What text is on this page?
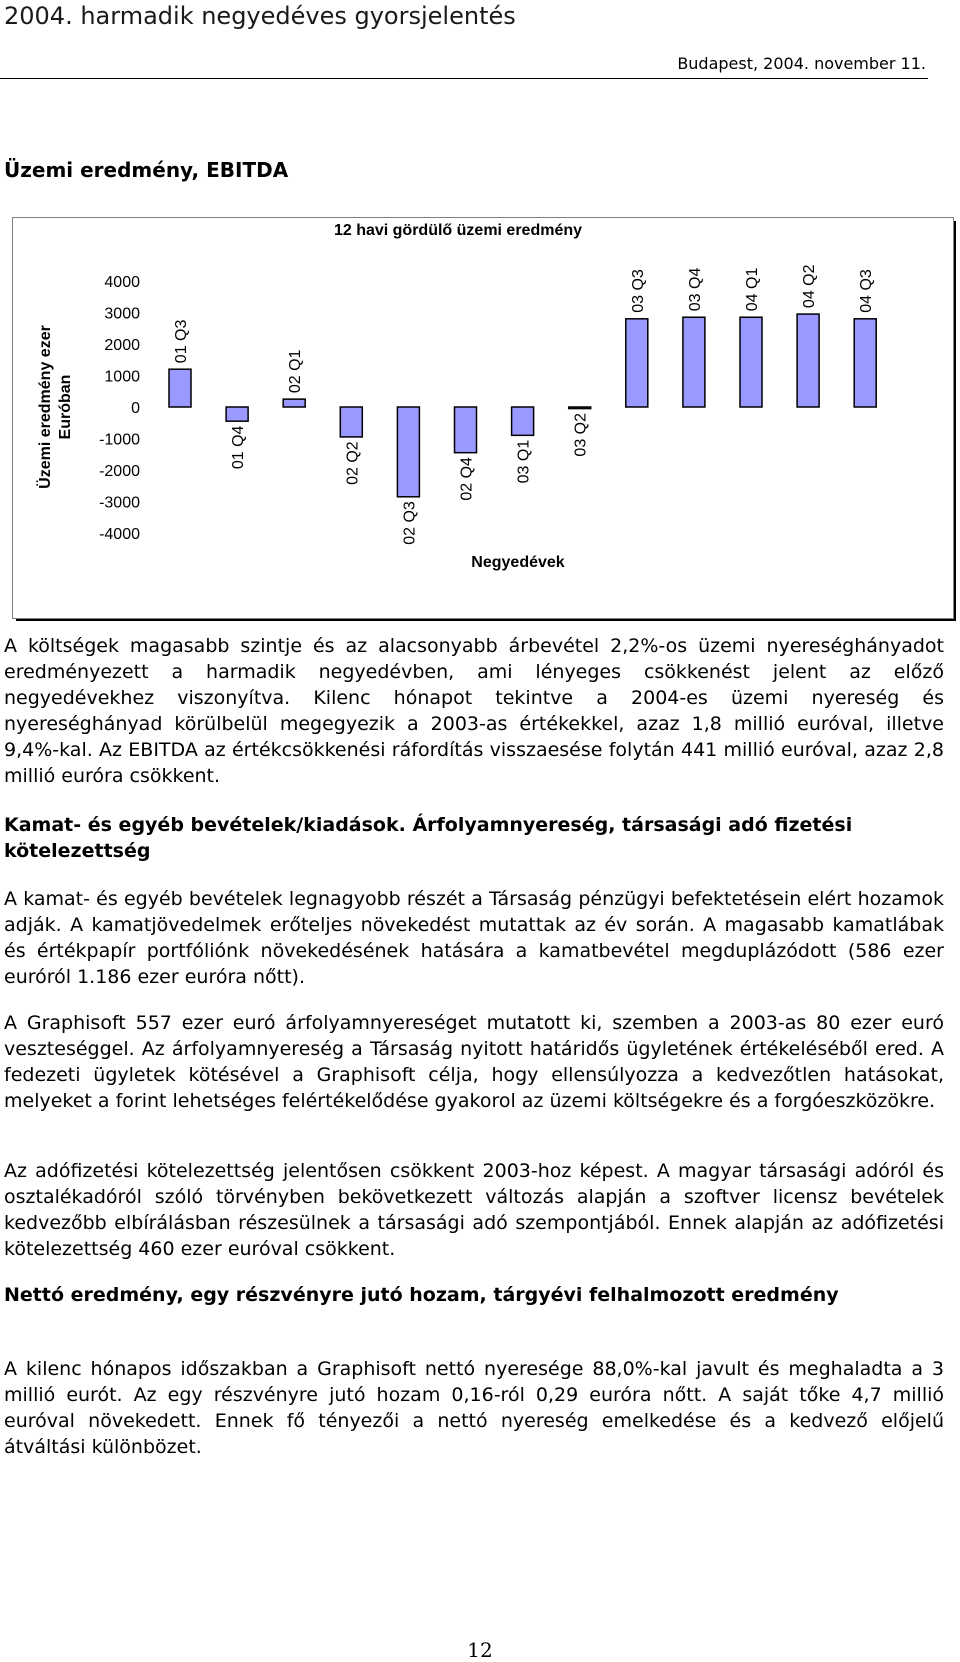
2004. harmadik negyedéves gyorsjelentés
Budapest, 2004. november 11.
Üzemi eredmény, EBITDA
12 havi gördülő üzemi eredmény
Üzemi eredmény ezer Euróban
4000
3000
2000
1000
0
-1000
-2000
-3000
-4000
01 Q3
01 Q4
02 Q1
02 Q2
02 Q3
02 Q4	03 Q1
03 Q2
03 Q3	03 Q4	04 Q1	04 Q2	04 Q3
Negyedévek

A költségek magasabb szintje és az alacsonyabb árbevétel 2,2%-os üzemi nyereséghányadot eredményezett a harmadik negyedévben, ami lényeges csökkenést jelent az előző negyedévekhez viszonyítva. Kilenc hónapot tekintve a 2004-es üzemi nyereség és nyereséghányad körülbelül megegyezik a 2003-as értékekkel, azaz 1,8 millió euróval, illetve 9,4%-kal. Az EBITDA az értékcsökkenési ráfordítás visszaesése folytán 441 millió euróval, azaz 2,8 millió euróra csökkent.

Kamat- és egyéb bevételek/kiadások. Árfolyamnyereség, társasági adó fizetési kötelezettség

A kamat- és egyéb bevételek legnagyobb részét a Társaság pénzügyi befektetésein elért hozamok adják. A kamatjövedelmek erőteljes növekedést mutattak az év során. A magasabb kamatlábak és értékpapír portfóliónk növekedésének hatására a kamatbevétel megduplázódott (586 ezer euróról 1.186 ezer euróra nőtt).

A Graphisoft 557 ezer euró árfolyamnyereséget mutatott ki, szemben a 2003-as 80 ezer euró veszteséggel. Az árfolyamnyereség a Társaság nyitott határidős ügyletének értékeléséből ered. A fedezeti ügyletek kötésével a Graphisoft célja, hogy ellensúlyozza a kedvezőtlen hatásokat, melyeket a forint lehetséges felértékelődése gyakorol az üzemi költségekre és a forgóeszközökre.

Az adófizetési kötelezettség jelentősen csökkent 2003-hoz képest. A magyar társasági adóról és osztalékadóról szóló törvényben bekövetkezett változás alapján a szoftver licensz bevételek kedvezőbb elbírálásban részesülnek a társasági adó szempontjából. Ennek alapján az adófizetési kötelezettség 460 ezer euróval csökkent.

Nettó eredmény, egy részvényre jutó hozam, tárgyévi felhalmozott eredmény

A kilenc hónapos időszakban a Graphisoft nettó nyeresége 88,0%-kal javult és meghaladta a 3 millió eurót. Az egy részvényre jutó hozam 0,16-ról 0,29 euróra nőtt. A saját tőke 4,7 millió euróval növekedett. Ennek fő tényezői a nettó nyereség emelkedése és a kedvező előjelű átváltási különbözet.

12
